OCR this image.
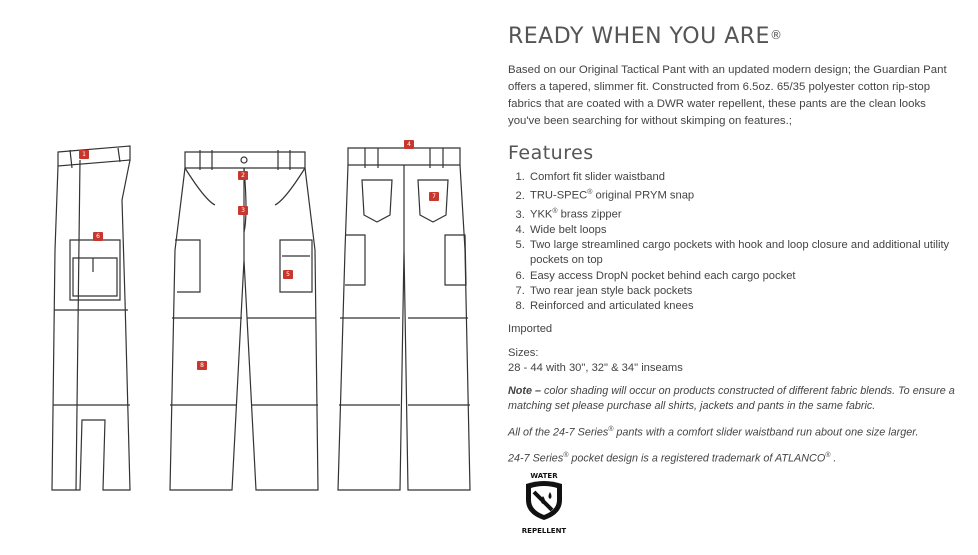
1
2
3
4
5
6
7
8
READY WHEN YOU ARE®

Based on our Original Tactical Pant with an updated modern design; the Guardian Pant offers a tapered, slimmer fit. Constructed from 6.5oz. 65/35 polyester cotton rip-stop fabrics that are coated with a DWR water repellent, these pants are the clean looks you've been searching for without skimping on features.;

Features
1. Comfort fit slider waistband
2. TRU-SPEC® original PRYM snap
3. YKK® brass zipper
4. Wide belt loops
5. Two large streamlined cargo pockets with hook and loop closure and additional utility pockets on top
6. Easy access DropN pocket behind each cargo pocket
7. Two rear jean style back pockets
8. Reinforced and articulated knees

Imported

Sizes:
28 - 44 with 30", 32" & 34" inseams

Note – color shading will occur on products constructed of different fabric blends. To ensure a matching set please purchase all shirts, jackets and pants in the same fabric.

All of the 24-7 Series® pants with a comfort slider waistband run about one size larger.

24-7 Series® pocket design is a registered trademark of ATLANCO® .

WATER
REPELLENT
